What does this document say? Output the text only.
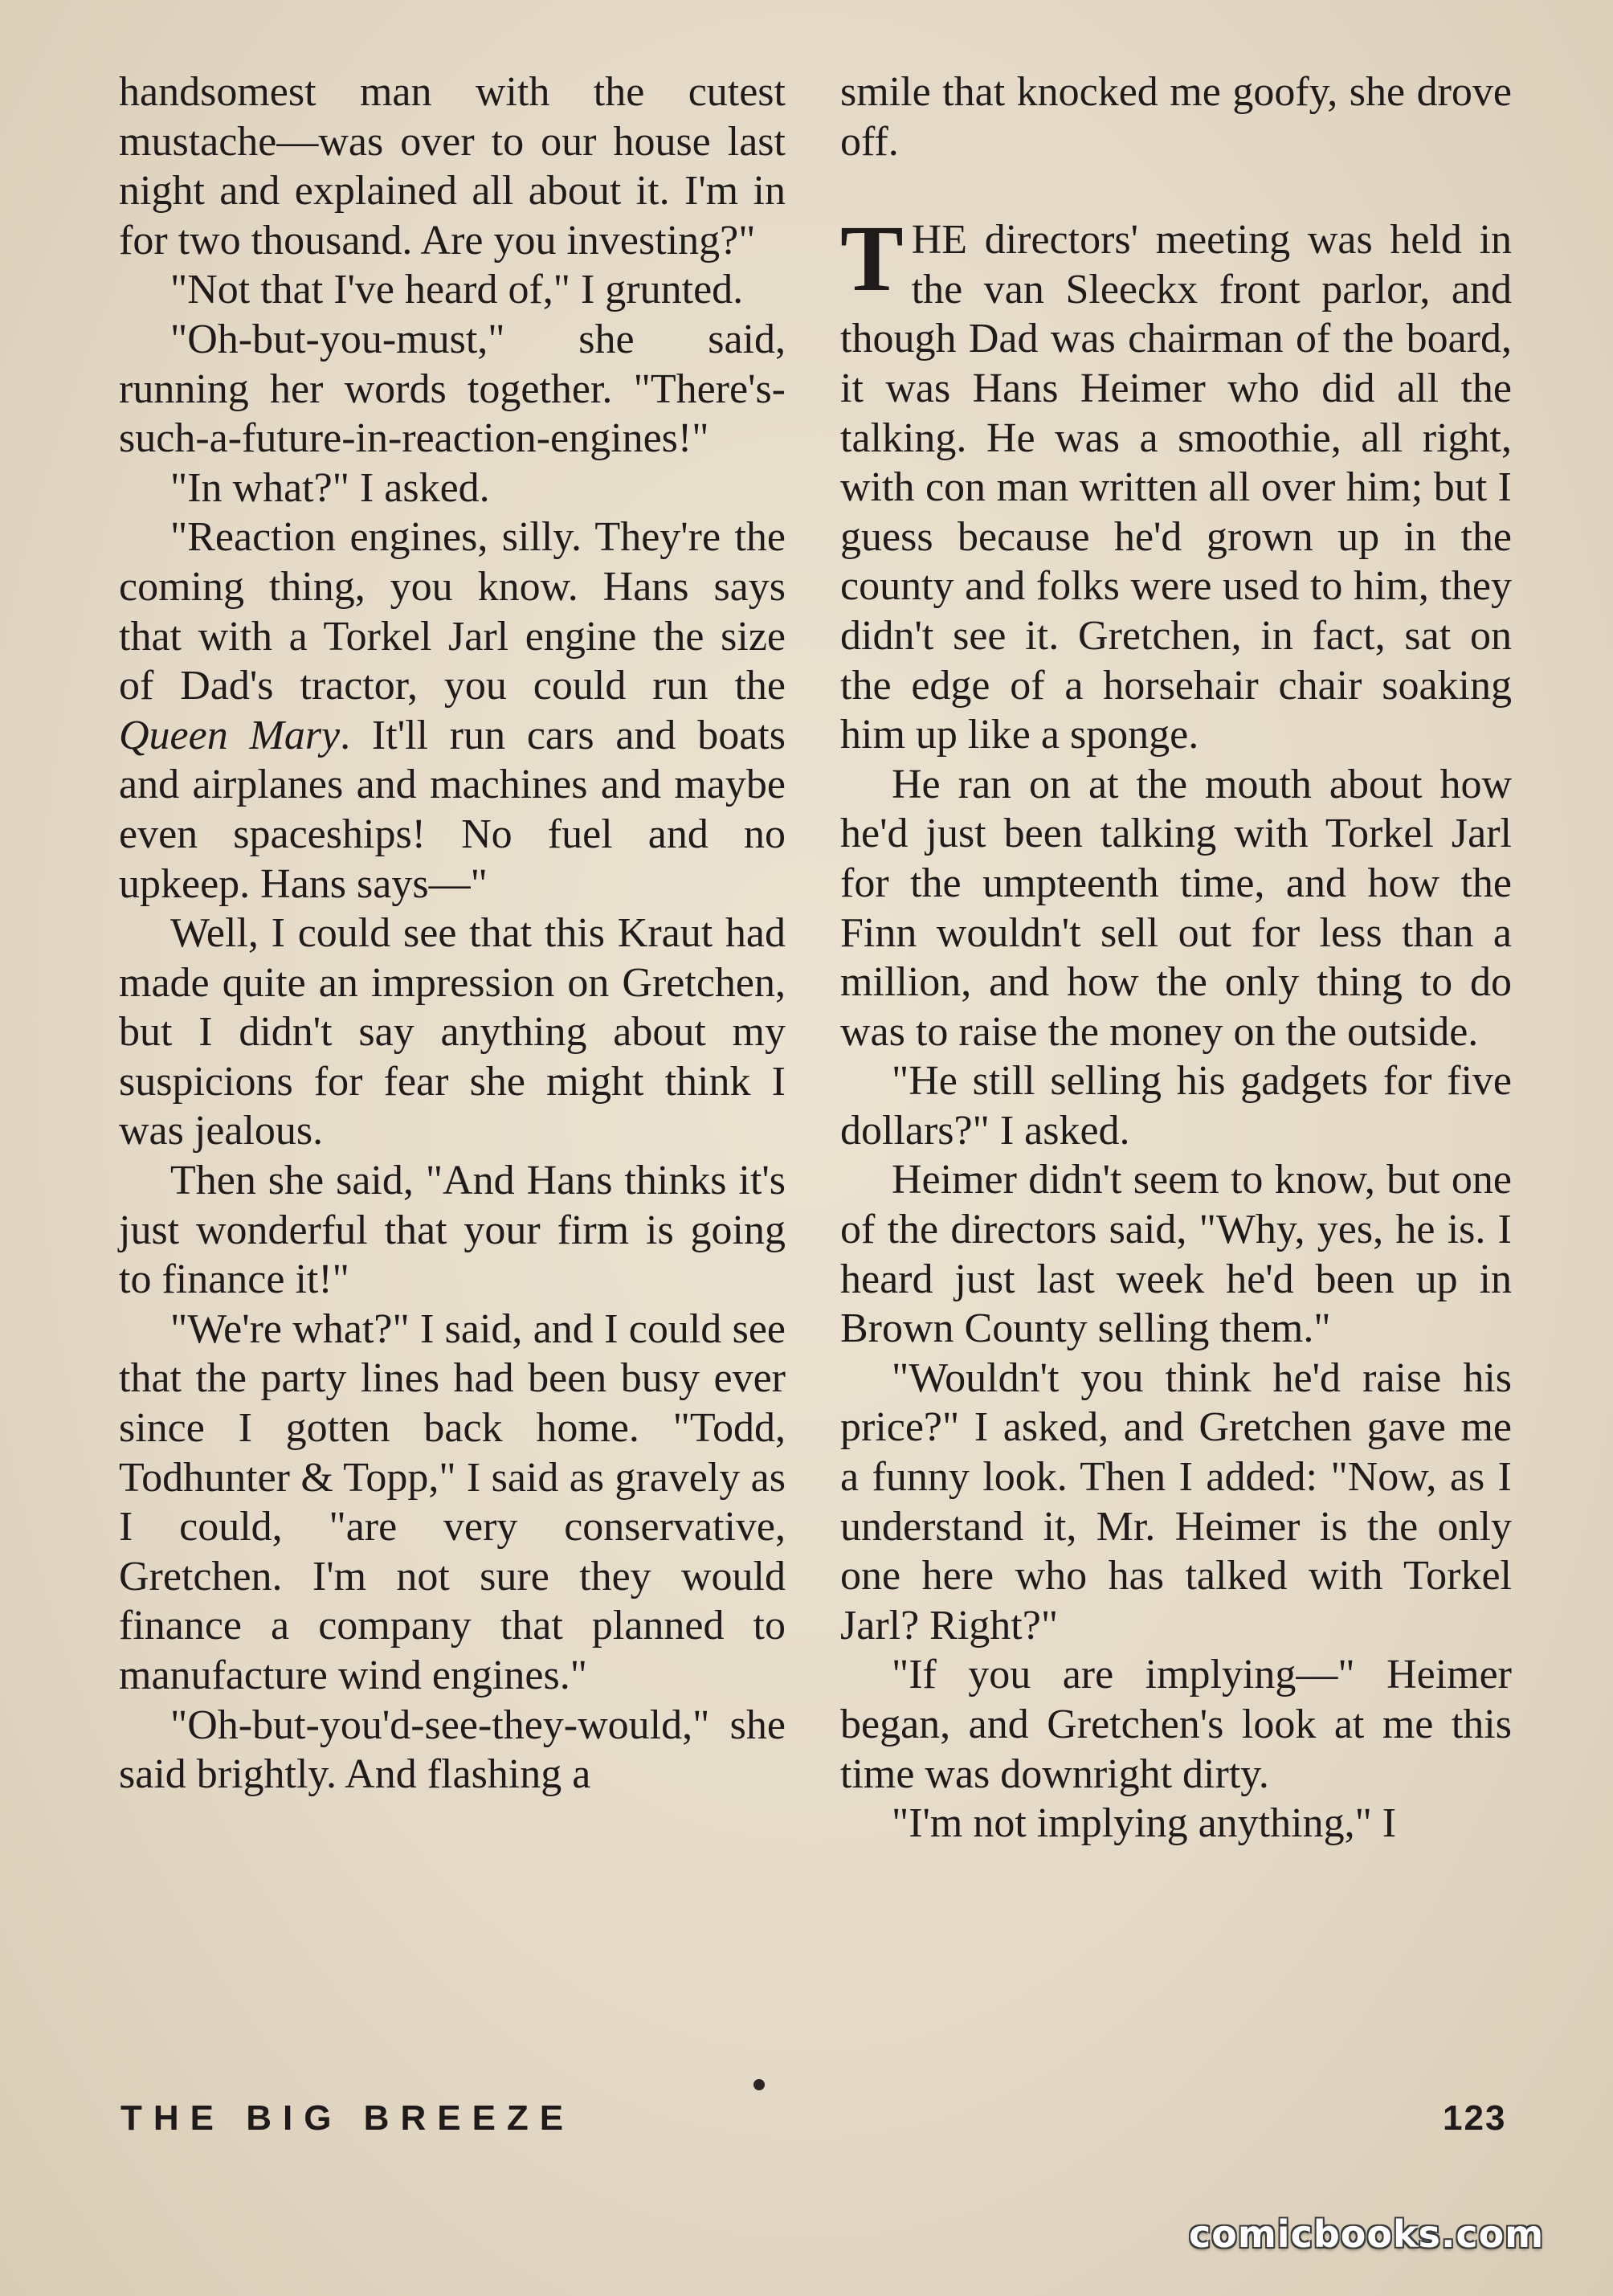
handsomest man with the cutest mustache—was over to our house last night and explained all about it. I'm in for two thousand. Are you investing?"

"Not that I've heard of," I grunted.

"Oh-but-you-must," she said, running her words together. "There's-such-a-future-in-reaction-engines!"

"In what?" I asked.

"Reaction engines, silly. They're the coming thing, you know. Hans says that with a Torkel Jarl engine the size of Dad's tractor, you could run the Queen Mary. It'll run cars and boats and airplanes and machines and maybe even spaceships! No fuel and no upkeep. Hans says—"

Well, I could see that this Kraut had made quite an impression on Gretchen, but I didn't say anything about my suspicions for fear she might think I was jealous.

Then she said, "And Hans thinks it's just wonderful that your firm is going to finance it!"

"We're what?" I said, and I could see that the party lines had been busy ever since I gotten back home. "Todd, Todhunter & Topp," I said as gravely as I could, "are very conservative, Gretchen. I'm not sure they would finance a company that planned to manufacture wind engines."

"Oh-but-you'd-see-they-would," she said brightly. And flashing a

smile that knocked me goofy, she drove off.

THE directors' meeting was held in the van Sleeckx front parlor, and though Dad was chairman of the board, it was Hans Heimer who did all the talking. He was a smoothie, all right, with con man written all over him; but I guess because he'd grown up in the county and folks were used to him, they didn't see it. Gretchen, in fact, sat on the edge of a horsehair chair soaking him up like a sponge.

He ran on at the mouth about how he'd just been talking with Torkel Jarl for the umpteenth time, and how the Finn wouldn't sell out for less than a million, and how the only thing to do was to raise the money on the outside.

"He still selling his gadgets for five dollars?" I asked.

Heimer didn't seem to know, but one of the directors said, "Why, yes, he is. I heard just last week he'd been up in Brown County selling them."

"Wouldn't you think he'd raise his price?" I asked, and Gretchen gave me a funny look. Then I added: "Now, as I understand it, Mr. Heimer is the only one here who has talked with Torkel Jarl? Right?"

"If you are implying—" Heimer began, and Gretchen's look at me this time was downright dirty.

"I'm not implying anything," I

THE BIG BREEZE	123
comicbooks.com
